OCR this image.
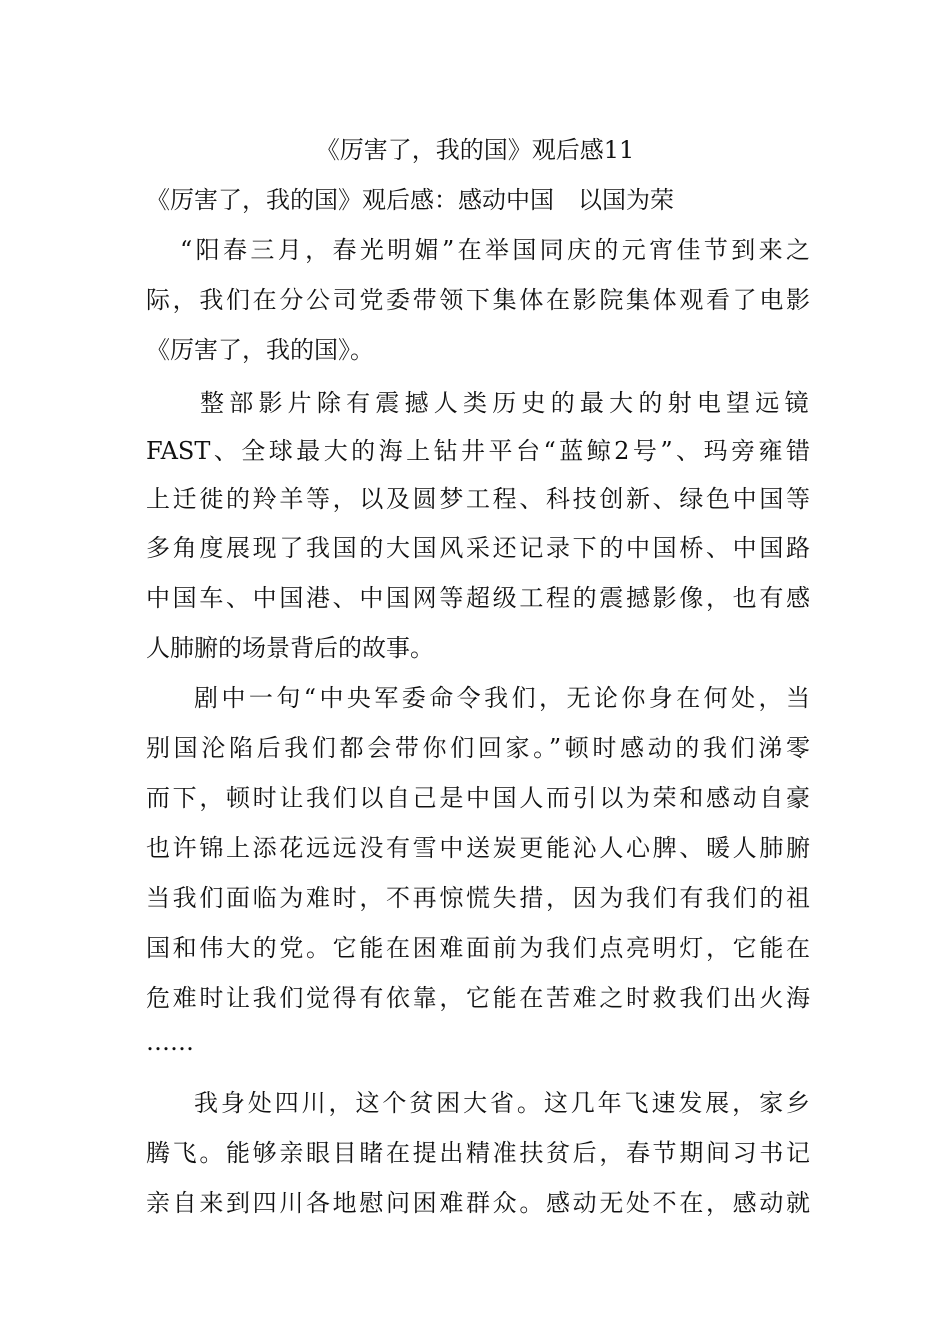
《厉害了，我的国》观后感11
《厉害了，我的国》观后感：感动中国　以国为荣
“阳春三月，春光明媚”在举国同庆的元宵佳节到来之
际，我们在分公司党委带领下集体在影院集体观看了电影
《厉害了，我的国》。
整部影片除有震撼人类历史的最大的射电望远镜
FAST、全球最大的海上钻井平台“蓝鲸2号”、玛旁雍错
上迁徙的羚羊等，以及圆梦工程、科技创新、绿色中国等
多角度展现了我国的大国风采还记录下的中国桥、中国路
中国车、中国港、中国网等超级工程的震撼影像，也有感
人肺腑的场景背后的故事。
剧中一句“中央军委命令我们，无论你身在何处，当
别国沦陷后我们都会带你们回家。”顿时感动的我们涕零
而下，顿时让我们以自己是中国人而引以为荣和感动自豪
也许锦上添花远远没有雪中送炭更能沁人心脾、暖人肺腑
当我们面临为难时，不再惊慌失措，因为我们有我们的祖
国和伟大的党。它能在困难面前为我们点亮明灯，它能在
危难时让我们觉得有依靠，它能在苦难之时救我们出火海
……
我身处四川，这个贫困大省。这几年飞速发展，家乡
腾飞。能够亲眼目睹在提出精准扶贫后，春节期间习书记
亲自来到四川各地慰问困难群众。感动无处不在，感动就
